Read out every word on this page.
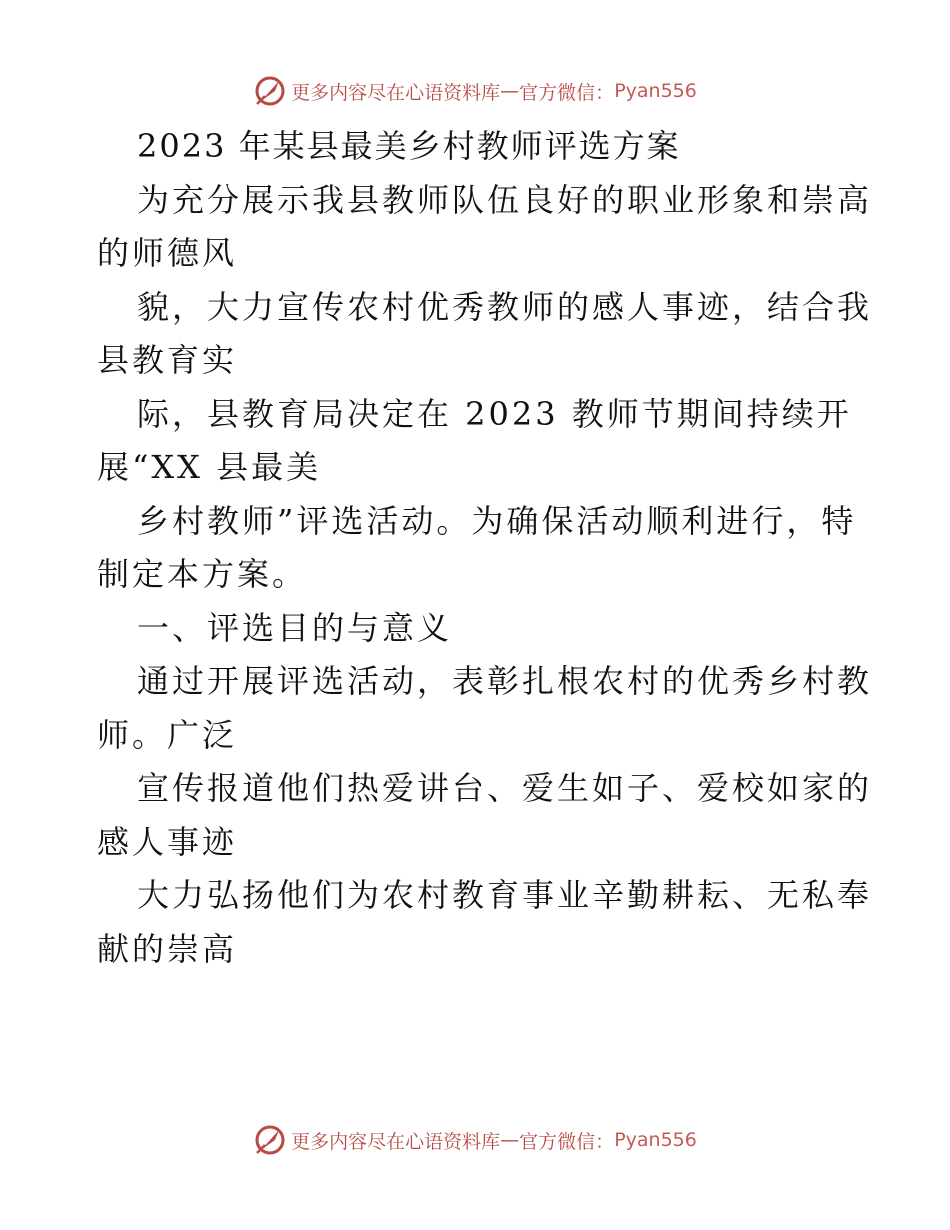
更多内容尽在心语资料库 — 官方微信： Pyan556
2023 年某县最美乡村教师评选方案
为充分展示我县教师队伍良好的职业形象和崇高
的师德风
貌，大力宣传农村优秀教师的感人事迹，结合我
县教育实
际，县教育局决定在 2023 教师节期间持续开
展“XX 县最美
乡村教师”评选活动。为确保活动顺利进行，特
制定本方案。
一、评选目的与意义
通过开展评选活动，表彰扎根农村的优秀乡村教
师。广泛
宣传报道他们热爱讲台、爱生如子、爱校如家的
感人事迹
大力弘扬他们为农村教育事业辛勤耕耘、无私奉
献的崇高
更多内容尽在心语资料库 — 官方微信： Pyan556
